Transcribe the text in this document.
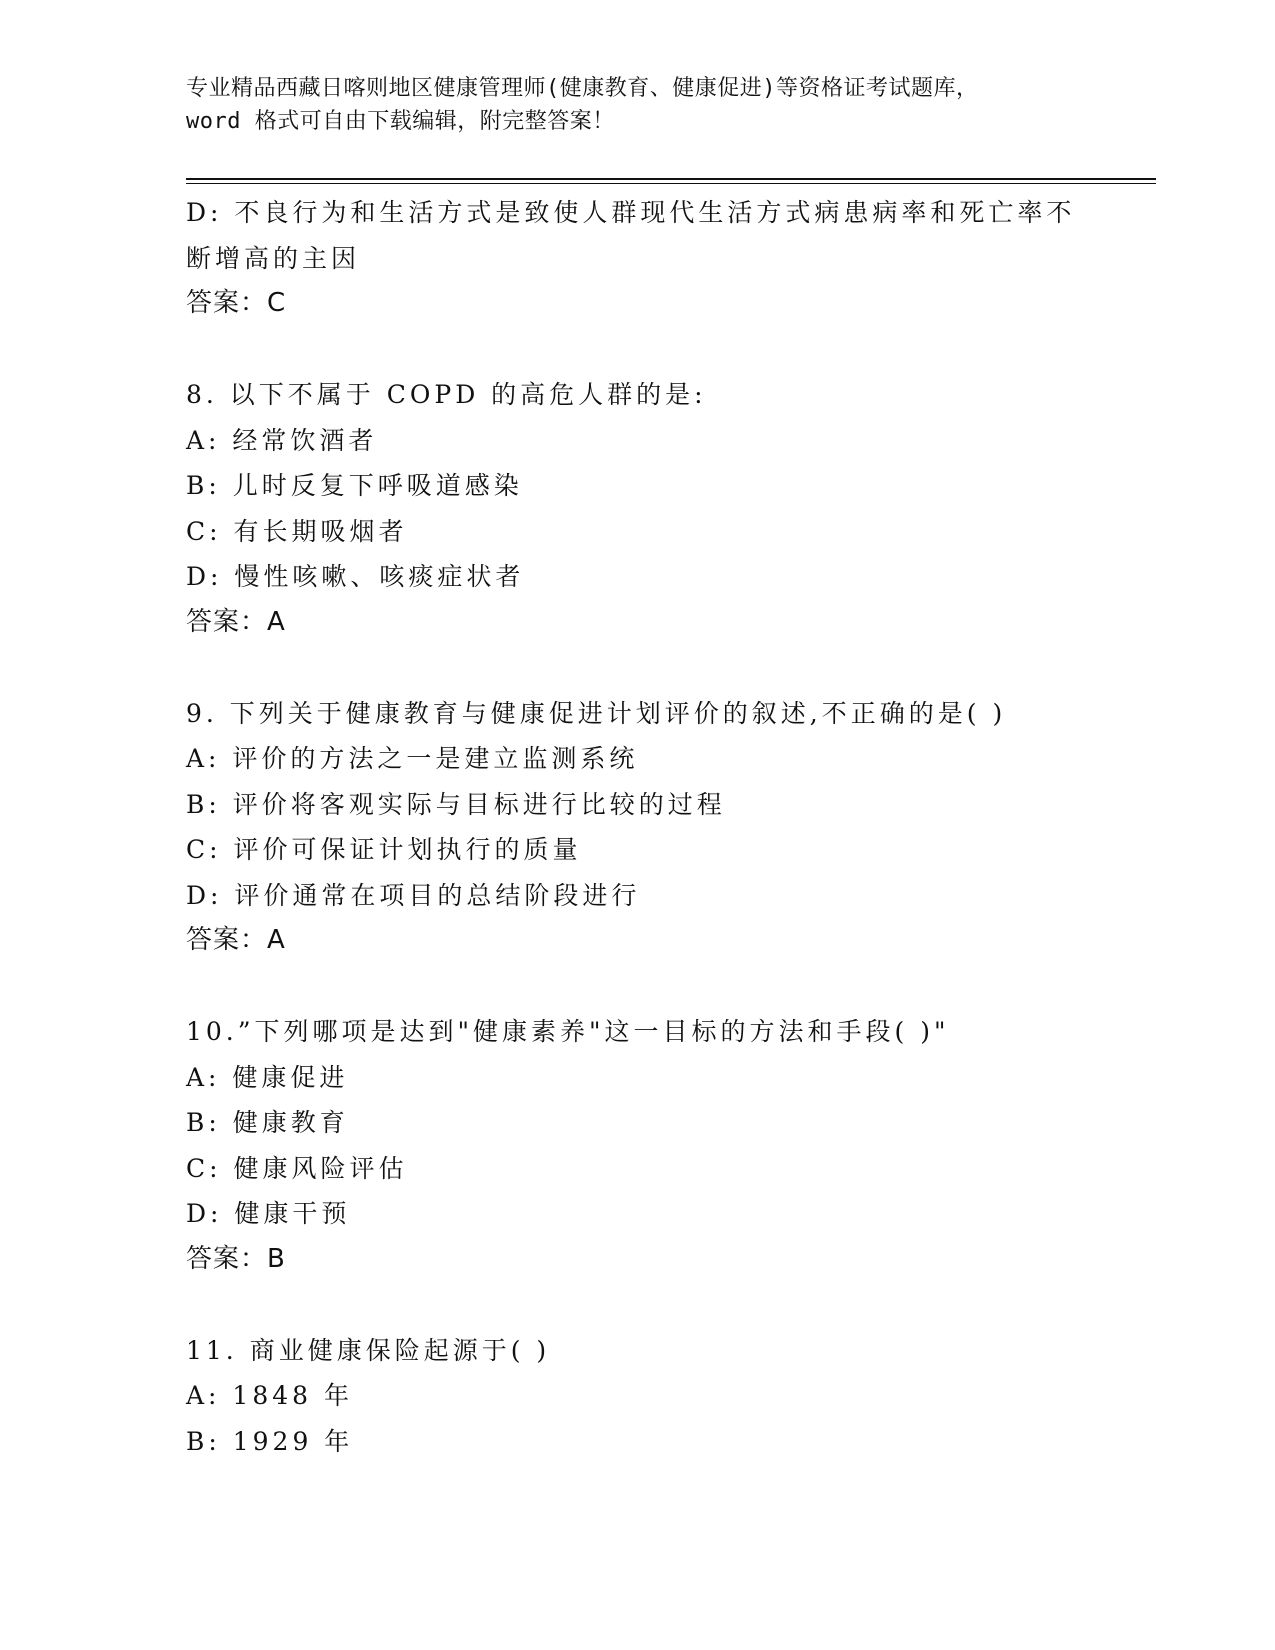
专业精品西藏日喀则地区健康管理师(健康教育、健康促进)等资格证考试题库，
word 格式可自由下载编辑，附完整答案！
D: 不良行为和生活方式是致使人群现代生活方式病患病率和死亡率不
断增高的主因
答案：C
8. 以下不属于 COPD 的高危人群的是:
A: 经常饮酒者
B: 儿时反复下呼吸道感染
C: 有长期吸烟者
D: 慢性咳嗽、咳痰症状者
答案：A
9. 下列关于健康教育与健康促进计划评价的叙述,不正确的是( )
A: 评价的方法之一是建立监测系统
B: 评价将客观实际与目标进行比较的过程
C: 评价可保证计划执行的质量
D: 评价通常在项目的总结阶段进行
答案：A
10.”下列哪项是达到"健康素养"这一目标的方法和手段( )"
A: 健康促进
B: 健康教育
C: 健康风险评估
D: 健康干预
答案：B
11. 商业健康保险起源于( )
A: 1848 年
B: 1929 年
